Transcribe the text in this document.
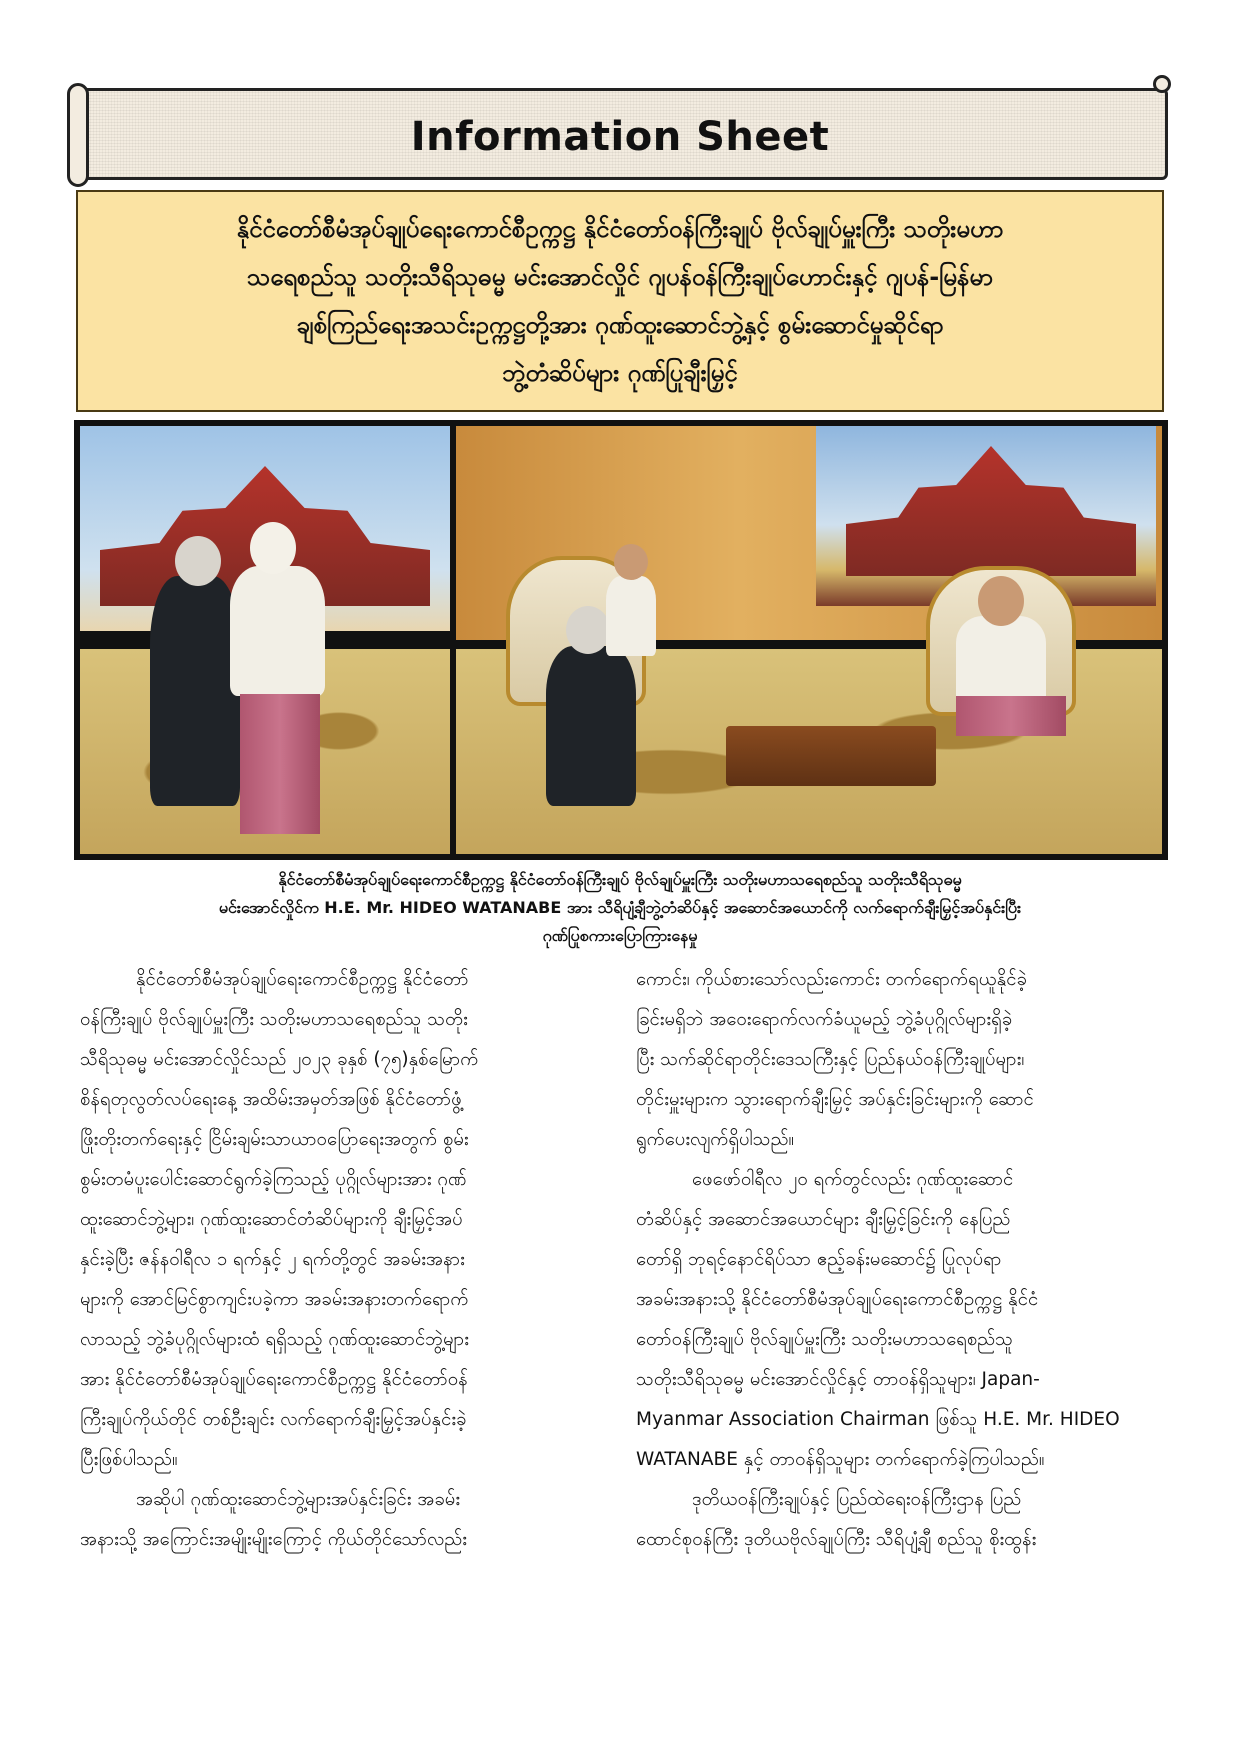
Information Sheet
နိုင်ငံတော်စီမံအုပ်ချုပ်ရေးကောင်စီဥက္ကဋ္ဌ နိုင်ငံတော်ဝန်ကြီးချုပ် ဗိုလ်ချုပ်မှူးကြီး သတိုးမဟာ
သရေစည်သူ သတိုးသီရိသုဓမ္မ မင်းအောင်လှိုင် ဂျပန်ဝန်ကြီးချုပ်ဟောင်းနှင့် ဂျပန်-မြန်မာ
ချစ်ကြည်ရေးအသင်းဥက္ကဋ္ဌတို့အား ဂုဏ်ထူးဆောင်ဘွဲ့နှင့် စွမ်းဆောင်မှုဆိုင်ရာ
ဘွဲ့တံဆိပ်များ ဂုဏ်ပြုချီးမြှင့်
နိုင်ငံတော်စီမံအုပ်ချုပ်ရေးကောင်စီဥက္ကဋ္ဌ နိုင်ငံတော်ဝန်ကြီးချုပ် ဗိုလ်ချုပ်မှူးကြီး သတိုးမဟာသရေစည်သူ သတိုးသီရိသုဓမ္မ
မင်းအောင်လှိုင်က H.E. Mr. HIDEO WATANABE အား သီရိပျံ့ချီဘွဲ့တံဆိပ်နှင့် အဆောင်အယောင်ကို လက်ရောက်ချီးမြှင့်အပ်နှင်းပြီး
ဂုဏ်ပြုစကားပြောကြားနေမှု
နိုင်ငံတော်စီမံအုပ်ချုပ်ရေးကောင်စီဥက္ကဋ္ဌ နိုင်ငံတော်
ဝန်ကြီးချုပ် ဗိုလ်ချုပ်မှူးကြီး သတိုးမဟာသရေစည်သူ သတိုး
သီရိသုဓမ္မ မင်းအောင်လှိုင်သည် ၂၀၂၃ ခုနှစ် (၇၅)နှစ်မြောက်
စိန်ရတုလွတ်လပ်ရေးနေ့ အထိမ်းအမှတ်အဖြစ် နိုင်ငံတော်ဖွံ့
ဖြိုးတိုးတက်ရေးနှင့် ငြိမ်းချမ်းသာယာဝပြောရေးအတွက် စွမ်း
စွမ်းတမံပူးပေါင်းဆောင်ရွက်ခဲ့ကြသည့် ပုဂ္ဂိုလ်များအား ဂုဏ်
ထူးဆောင်ဘွဲ့များ၊ ဂုဏ်ထူးဆောင်တံဆိပ်များကို ချီးမြှင့်အပ်
နှင်းခဲ့ပြီး ဇန်နဝါရီလ ၁ ရက်နှင့် ၂ ရက်တို့တွင် အခမ်းအနား
များကို အောင်မြင်စွာကျင်းပခဲ့ကာ အခမ်းအနားတက်ရောက်
လာသည့် ဘွဲ့ခံပုဂ္ဂိုလ်များထံ ရရှိသည့် ဂုဏ်ထူးဆောင်ဘွဲ့များ
အား နိုင်ငံတော်စီမံအုပ်ချုပ်ရေးကောင်စီဥက္ကဋ္ဌ နိုင်ငံတော်ဝန်
ကြီးချုပ်ကိုယ်တိုင် တစ်ဦးချင်း လက်ရောက်ချီးမြှင့်အပ်နှင်းခဲ့
ပြီးဖြစ်ပါသည်။
အဆိုပါ ဂုဏ်ထူးဆောင်ဘွဲ့များအပ်နှင်းခြင်း အခမ်း
အနားသို့ အကြောင်းအမျိုးမျိုးကြောင့် ကိုယ်တိုင်သော်လည်း
ကောင်း၊ ကိုယ်စားသော်လည်းကောင်း တက်ရောက်ရယူနိုင်ခဲ့
ခြင်းမရှိဘဲ အဝေးရောက်လက်ခံယူမည့် ဘွဲ့ခံပုဂ္ဂိုလ်များရှိခဲ့
ပြီး သက်ဆိုင်ရာတိုင်းဒေသကြီးနှင့် ပြည်နယ်ဝန်ကြီးချုပ်များ၊
တိုင်းမှူးများက သွားရောက်ချီးမြှင့် အပ်နှင်းခြင်းများကို ဆောင်
ရွက်ပေးလျက်ရှိပါသည်။
ဖေဖော်ဝါရီလ ၂၀ ရက်တွင်လည်း ဂုဏ်ထူးဆောင်
တံဆိပ်နှင့် အဆောင်အယောင်များ ချီးမြှင့်ခြင်းကို နေပြည်
တော်ရှိ ဘုရင့်နောင်ရိပ်သာ ဧည့်ခန်းမဆောင်၌ ပြုလုပ်ရာ
အခမ်းအနားသို့ နိုင်ငံတော်စီမံအုပ်ချုပ်ရေးကောင်စီဥက္ကဋ္ဌ နိုင်ငံ
တော်ဝန်ကြီးချုပ် ဗိုလ်ချုပ်မှူးကြီး သတိုးမဟာသရေစည်သူ
သတိုးသီရိသုဓမ္မ မင်းအောင်လှိုင်နှင့် တာဝန်ရှိသူများ၊ Japan-
Myanmar Association Chairman ဖြစ်သူ H.E. Mr. HIDEO
WATANABE နှင့် တာဝန်ရှိသူများ တက်ရောက်ခဲ့ကြပါသည်။
ဒုတိယဝန်ကြီးချုပ်နှင့် ပြည်ထဲရေးဝန်ကြီးဌာန ပြည်
ထောင်စုဝန်ကြီး ဒုတိယဗိုလ်ချုပ်ကြီး သီရိပျံ့ချီ စည်သူ စိုးထွန်း
